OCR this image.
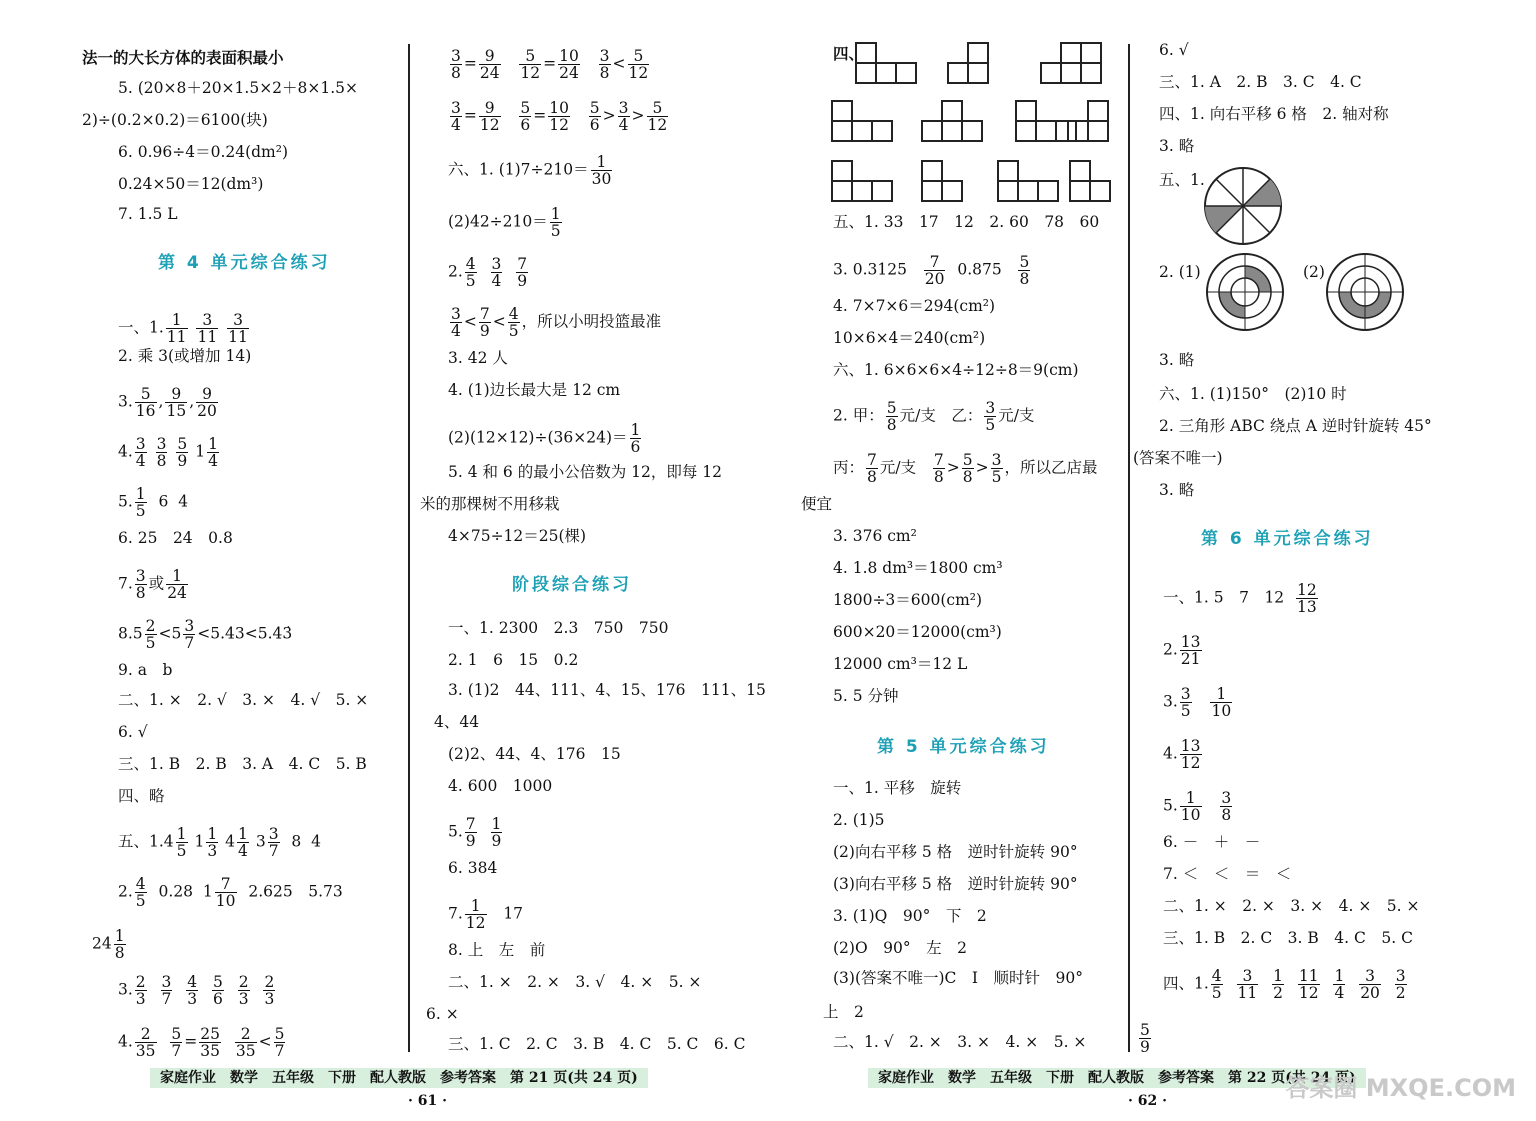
法一的大长方体的表面积最小
5. (20×8＋20×1.5×2＋8×1.5×
2)÷(0.2×0.2)＝6100(块)
6. 0.96÷4＝0.24(dm²)
0.24×50＝12(dm³)
7. 1.5 L
第 4 单元综合练习
一、1. $\frac{1}{11}$
$\frac{3}{11}$
$\frac{3}{11}$
2. 乘 3(或增加 14)
3. $\frac{5}{16}$ , $\frac{9}{15}$ , $\frac{9}{20}$
4. $\frac{3}{4}$
$\frac{3}{8}$
$\frac{5}{9} 1 \frac{1}{4}$
5. $\frac{1}{5} 6$  4
6. 25　24　0.8
7. $\frac{3}{8}$ 或 $\frac{1}{24}$
$8.5 \frac{2}{5} <5 \frac{3}{7}$ <5.43<5.43̇
9. a　b
二、1. ×　2. √　3. ×　4. √　5. ×
6. √
三、1. B　2. B　3. A　4. C　5. B
四、略
五、$1.4 \frac{1}{5} 1 \frac{1}{3} 4 \frac{1}{4} 3 \frac{3}{7} 8$  4
2. $\frac{4}{5} 0.28$  $1 \frac{7}{10} 2.625$　5.73
$24 \frac{1}{8}$
3. $\frac{2}{3}$
$\frac{3}{7}$
$\frac{4}{3}$
$\frac{5}{6}$
$\frac{2}{3}$
$\frac{2}{3}$
4. $\frac{2}{35}$
$\frac{5}{7} = \frac{25}{35}$
$\frac{2}{35} < \frac{5}{7}$
$\frac{3}{8} = \frac{9}{24}$
$\frac{5}{12} = \frac{10}{24}$
$\frac{3}{8} < \frac{5}{12}$
$\frac{3}{4} = \frac{9}{12}$
$\frac{5}{6} = \frac{10}{12}$
$\frac{5}{6} > \frac{3}{4} > \frac{5}{12}$
六、1. $(1)7\div 210= \frac{1}{30}$
$(2)42\div 210= \frac{1}{5}$
2. $\frac{4}{5}$
$\frac{3}{4}$
$\frac{7}{9}$
$\frac{3}{4} < \frac{7}{9} < \frac{4}{5}$ ，所以小明投篮最准
3. 42 人
4. (1)边长最大是 12 cm
$(2)(12\times 12)\div(36\times 24)= \frac{1}{6}$
5. 4 和 6 的最小公倍数为 12，即每 12
米的那棵树不用移栽
4×75÷12＝25(棵)
阶段综合练习
一、1. 2300　2.3　750　750
2. 1　6　15　0.2
3. (1)2　44、111、4、15、176　111、15
4、44
(2)2、44、4、176　15
4. 600　1000
5. $\frac{7}{9}$
$\frac{1}{9}$
6. 384
7. $\frac{1}{12} 17$
8. 上　左　前
二、1. ×　2. ×　3. √　4. ×　5. ×
6. ×
三、1. C　2. C　3. B　4. C　5. C　6. C
四、
五、1. 33　17　12　2. 60　78　60
3. $0.3125 \frac{7}{20} 0.875 \frac{5}{8}$
4. 7×7×6＝294(cm²)
10×6×4＝240(cm²)
六、1. 6×6×6×4÷12÷8＝9(cm)
2. 甲： $\frac{5}{8}$ 元/支　乙： $\frac{3}{5}$ 元/支
丙： $\frac{7}{8}$ 元/支 $\frac{7}{8} > \frac{5}{8} > \frac{3}{5}$ ，所以乙店最
便宜
3. 376 cm²
4. 1.8 dm³＝1800 cm³
1800÷3＝600(cm²)
600×20＝12000(cm³)
12000 cm³＝12 L
5. 5 分钟
第 5 单元综合练习
一、1. 平移　旋转
2. (1)5
(2)向右平移 5 格　逆时针旋转 90°
(3)向右平移 5 格　逆时针旋转 90°
3. (1)Q　90°　下　2
(2)O　90°　左　2
(3)(答案不唯一)C　I　顺时针　90°
上　2
二、1. √　2. ×　3. ×　4. ×　5. ×
6. √
三、1. A　2. B　3. C　4. C
四、1. 向右平移 6 格　2. 轴对称
3. 略
五、1.
2. (1)	(2)
3. 略
六、1. (1)150°　(2)10 时
2. 三角形 ABC 绕点 A 逆时针旋转 45°
(答案不唯一)
3. 略
第 6 单元综合练习
一、1. 5　7　$12 \frac{12}{13}$
2. $\frac{13}{21}$
3. $\frac{3}{5}$
$\frac{1}{10}$
4. $\frac{13}{12}$
5. $\frac{1}{10}$
$\frac{3}{8}$
6. －　＋　－
7. ＜　＜　＝　＜
二、1. ×　2. ×　3. ×　4. ×　5. ×
三、1. B　2. C　3. B　4. C　5. C
四、1. $\frac{4}{5}$
$\frac{3}{11}$
$\frac{1}{2}$
$\frac{11}{12}$
$\frac{1}{4}$
$\frac{3}{20}$
$\frac{3}{2}$
$\frac{5}{9}$
家庭作业　数学　五年级　下册　配人教版　参考答案　第 21 页(共 24 页)
· 61 ·
家庭作业　数学　五年级　下册　配人教版　参考答案　第 22 页(共 24 页)
· 62 ·	答案圈 MXQE.COM
